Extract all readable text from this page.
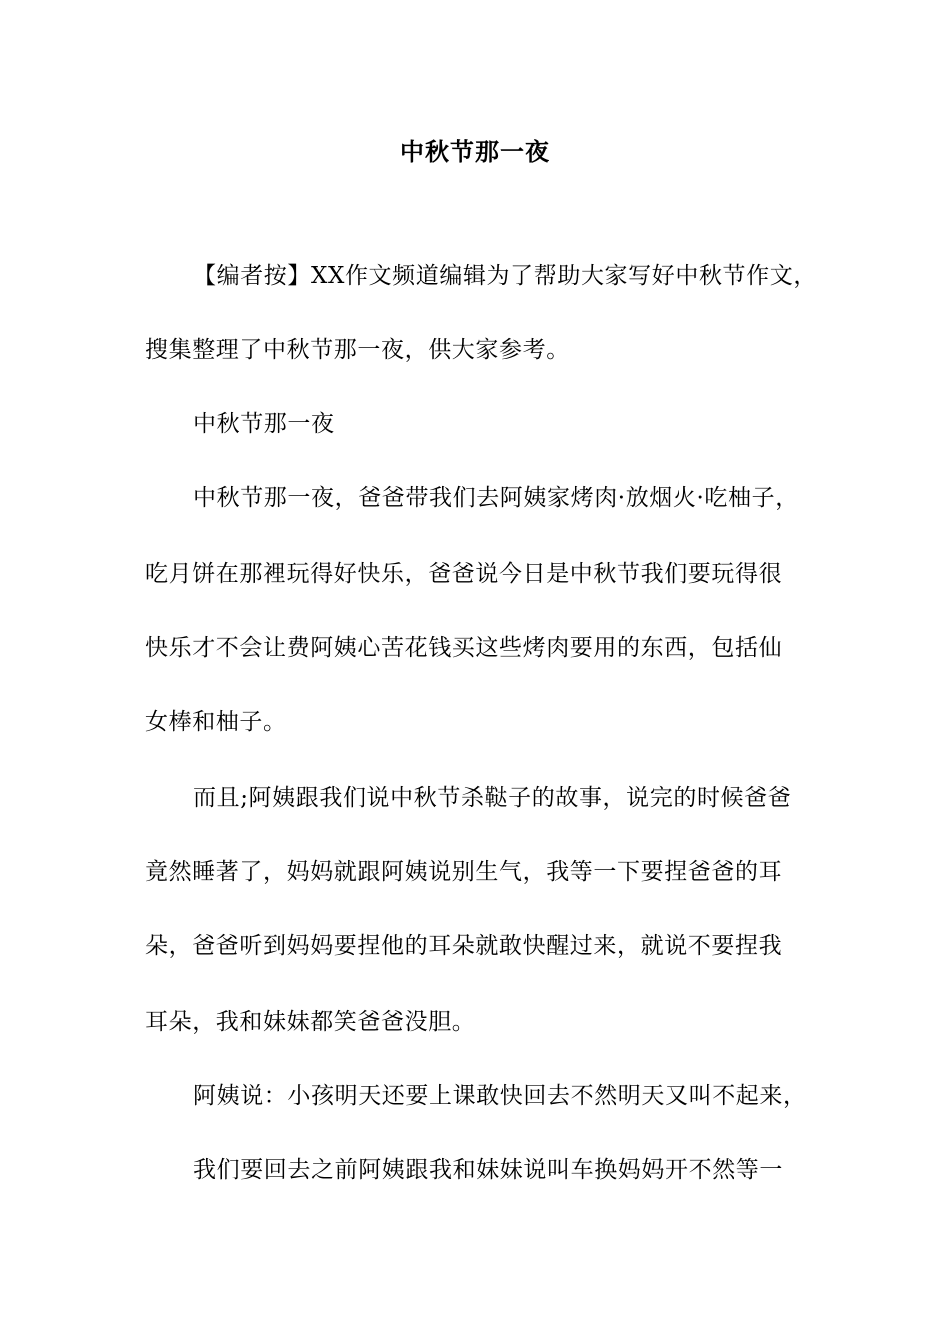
中秋节那一夜
【编者按】XX作文频道编辑为了帮助大家写好中秋节作文，
搜集整理了中秋节那一夜，供大家参考。
中秋节那一夜
中秋节那一夜，爸爸带我们去阿姨家烤肉·放烟火·吃柚子，
吃月饼在那裡玩得好快乐，爸爸说今日是中秋节我们要玩得很
快乐才不会让费阿姨心苦花钱买这些烤肉要用的东西，包括仙
女棒和柚子。
而且;阿姨跟我们说中秋节杀鞑子的故事，说完的时候爸爸
竟然睡著了，妈妈就跟阿姨说别生气，我等一下要捏爸爸的耳
朵，爸爸听到妈妈要捏他的耳朵就敢快醒过来，就说不要捏我
耳朵，我和妹妹都笑爸爸没胆。
阿姨说：小孩明天还要上课敢快回去不然明天又叫不起来，
我们要回去之前阿姨跟我和妹妹说叫车换妈妈开不然等一
